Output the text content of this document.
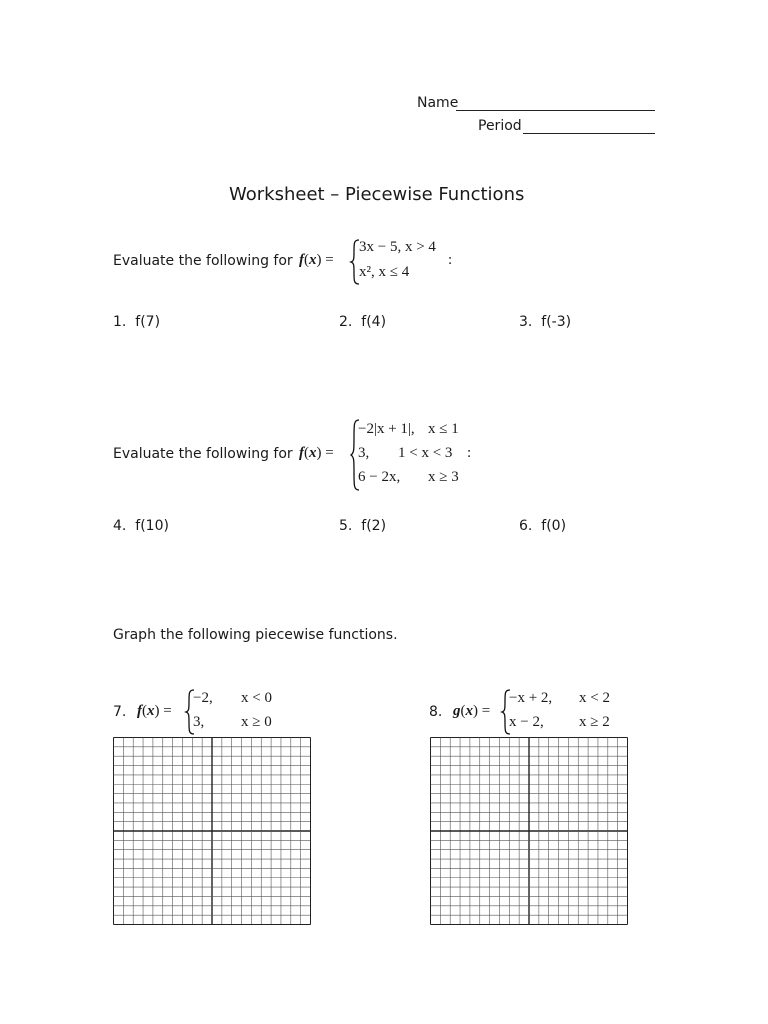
Name
Period
Worksheet – Piecewise Functions
Evaluate the following for f(x) =
3x − 5, x > 4
x², x ≤ 4
:
1. f(7)	2. f(4)	3. f(-3)
Evaluate the following for f(x) =
−2|x + 1|, x ≤ 1
3, 1 < x < 3
6 − 2x, x ≥ 3
:
4. f(10)	5. f(2)	6. f(0)
Graph the following piecewise functions.
7. f(x) =
−2, x < 0
3, x ≥ 0
8. g(x) =
−x + 2, x < 2
x − 2, x ≥ 2
